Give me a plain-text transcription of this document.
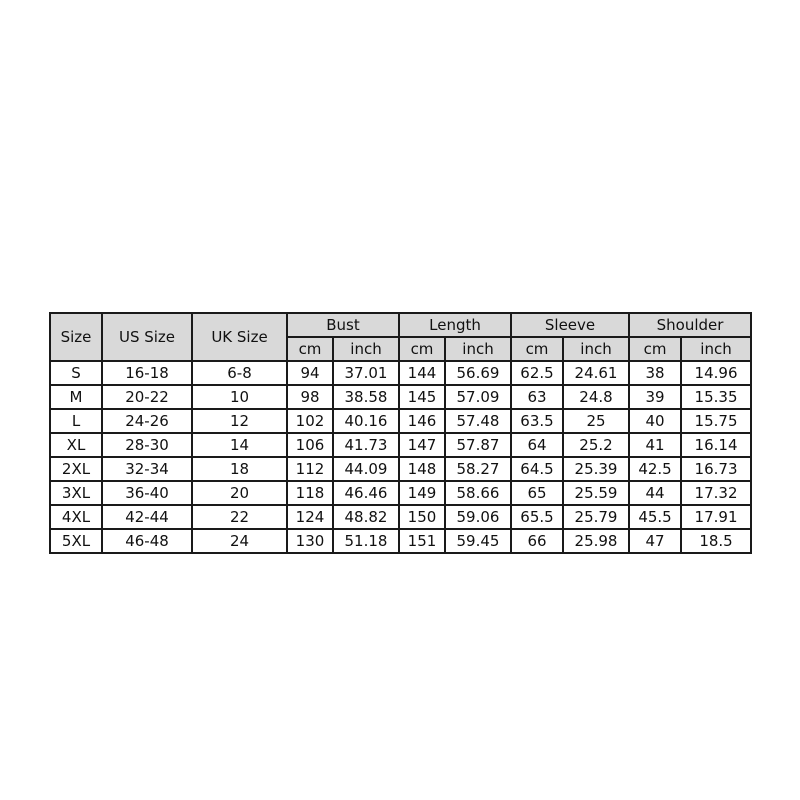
Size	US Size	UK Size	Bust		Length		Sleeve		Shoulder	
			cm	inch	cm	inch	cm	inch	cm	inch
S	16-18	6-8	94	37.01	144	56.69	62.5	24.61	38	14.96
M	20-22	10	98	38.58	145	57.09	63	24.8	39	15.35
L	24-26	12	102	40.16	146	57.48	63.5	25	40	15.75
XL	28-30	14	106	41.73	147	57.87	64	25.2	41	16.14
2XL	32-34	18	112	44.09	148	58.27	64.5	25.39	42.5	16.73
3XL	36-40	20	118	46.46	149	58.66	65	25.59	44	17.32
4XL	42-44	22	124	48.82	150	59.06	65.5	25.79	45.5	17.91
5XL	46-48	24	130	51.18	151	59.45	66	25.98	47	18.5
